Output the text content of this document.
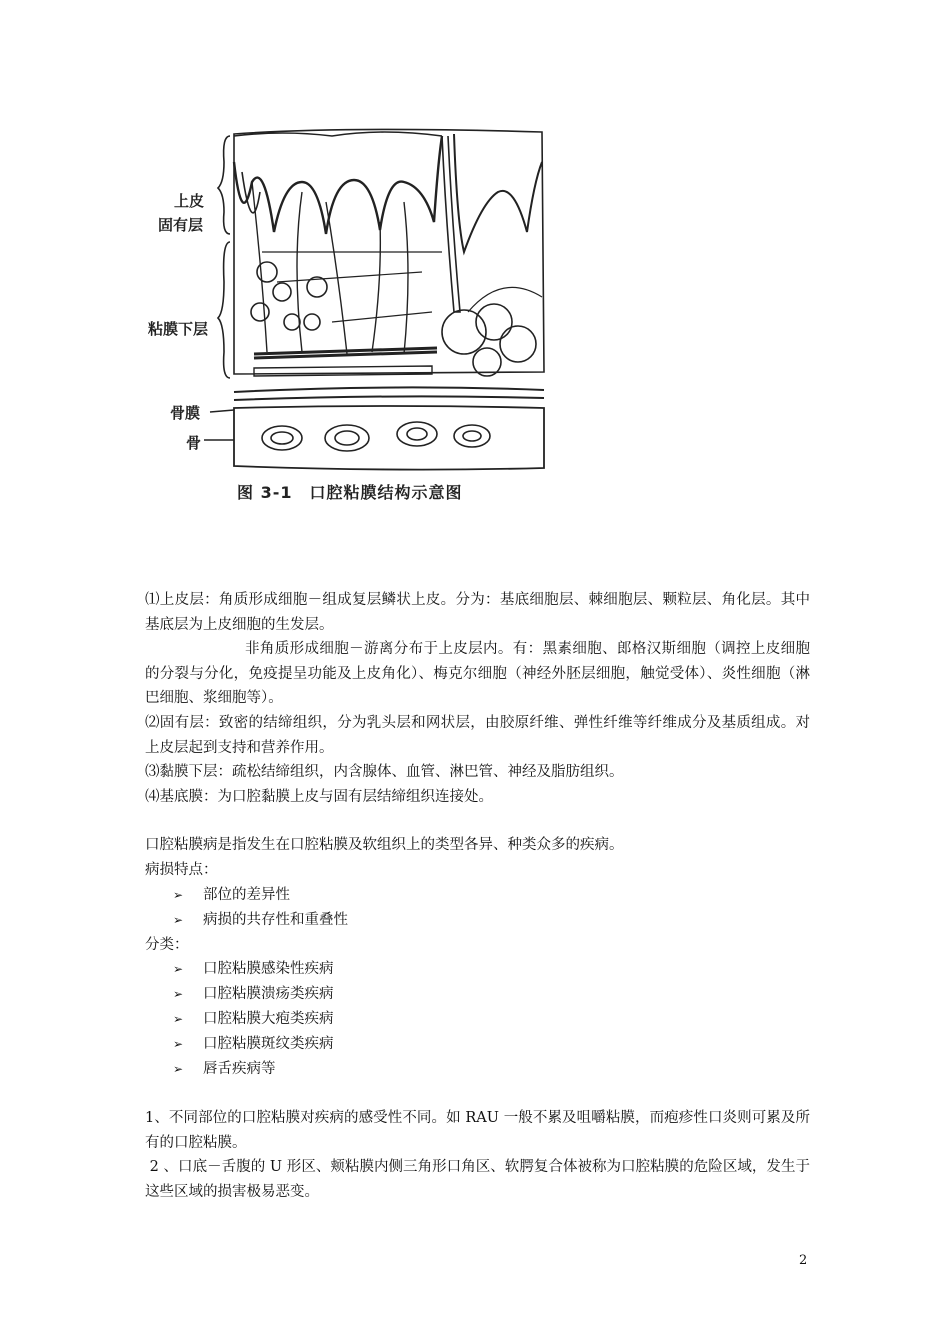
上皮
固有层
粘膜下层
骨膜
骨
图 3-1　口腔粘膜结构示意图

⑴上皮层：角质形成细胞－组成复层鳞状上皮。分为：基底细胞层、棘细胞层、颗粒层、角化层。其中基底层为上皮细胞的生发层。

非角质形成细胞－游离分布于上皮层内。有：黑素细胞、郎格汉斯细胞（调控上皮细胞的分裂与分化，免疫提呈功能及上皮角化）、梅克尔细胞（神经外胚层细胞，触觉受体）、炎性细胞（淋巴细胞、浆细胞等）。

⑵固有层：致密的结缔组织，分为乳头层和网状层，由胶原纤维、弹性纤维等纤维成分及基质组成。对上皮层起到支持和营养作用。

⑶黏膜下层：疏松结缔组织，内含腺体、血管、淋巴管、神经及脂肪组织。

⑷基底膜：为口腔黏膜上皮与固有层结缔组织连接处。

口腔粘膜病是指发生在口腔粘膜及软组织上的类型各异、种类众多的疾病。

病损特点：

➢ 部位的差异性
➢ 病损的共存性和重叠性

分类：

➢ 口腔粘膜感染性疾病
➢ 口腔粘膜溃疡类疾病
➢ 口腔粘膜大疱类疾病
➢ 口腔粘膜斑纹类疾病
➢ 唇舌疾病等

1、不同部位的口腔粘膜对疾病的感受性不同。如 RAU 一般不累及咀嚼粘膜，而疱疹性口炎则可累及所有的口腔粘膜。

2 、口底－舌腹的 U 形区、颊粘膜内侧三角形口角区、软腭复合体被称为口腔粘膜的危险区域，发生于这些区域的损害极易恶变。

2
